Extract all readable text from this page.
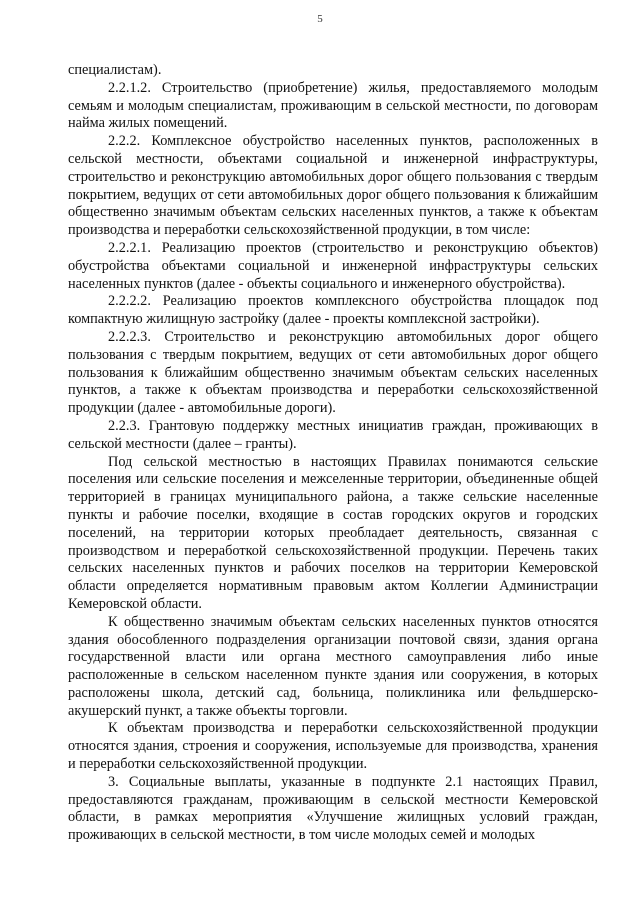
5

специалистам).

2.2.1.2. Строительство (приобретение) жилья, предоставляемого молодым семьям и молодым специалистам, проживающим в сельской местности, по договорам найма жилых помещений.

2.2.2. Комплексное обустройство населенных пунктов, расположенных в сельской местности, объектами социальной и инженерной инфраструктуры, строительство и реконструкцию автомобильных дорог общего пользования с твердым покрытием, ведущих от сети автомобильных дорог общего пользования к ближайшим общественно значимым объектам сельских населенных пунктов, а также к объектам производства и переработки сельскохозяйственной продукции, в том числе:

2.2.2.1. Реализацию проектов (строительство и реконструкцию объектов) обустройства объектами социальной и инженерной инфраструктуры сельских населенных пунктов (далее - объекты социального и инженерного обустройства).

2.2.2.2. Реализацию проектов комплексного обустройства площадок под компактную жилищную застройку (далее - проекты комплексной застройки).

2.2.2.3. Строительство и реконструкцию автомобильных дорог общего пользования с твердым покрытием, ведущих от сети автомобильных дорог общего пользования к ближайшим общественно значимым объектам сельских населенных пунктов, а также к объектам производства и переработки сельскохозяйственной продукции (далее - автомобильные дороги).

2.2.3. Грантовую поддержку местных инициатив граждан, проживающих в сельской местности (далее – гранты).

Под сельской местностью в настоящих Правилах понимаются сельские поселения или сельские поселения и межселенные территории, объединенные общей территорией в границах муниципального района, а также сельские населенные пункты и рабочие поселки, входящие в состав городских округов и городских поселений, на территории которых преобладает деятельность, связанная с производством и переработкой сельскохозяйственной продукции. Перечень таких сельских населенных пунктов и рабочих поселков на территории Кемеровской области определяется нормативным правовым актом Коллегии Администрации Кемеровской области.

К общественно значимым объектам сельских населенных пунктов относятся здания обособленного подразделения организации почтовой связи, здания органа государственной власти или органа местного самоуправления либо иные расположенные в сельском населенном пункте здания или сооружения, в которых расположены школа, детский сад, больница, поликлиника или фельдшерско-акушерский пункт, а также объекты торговли.

К объектам производства и переработки сельскохозяйственной продукции относятся здания, строения и сооружения, используемые для производства, хранения и переработки сельскохозяйственной продукции.

3. Социальные выплаты, указанные в подпункте 2.1 настоящих Правил, предоставляются гражданам, проживающим в сельской местности Кемеровской области, в рамках мероприятия «Улучшение жилищных условий граждан, проживающих в сельской местности, в том числе молодых семей и молодых
